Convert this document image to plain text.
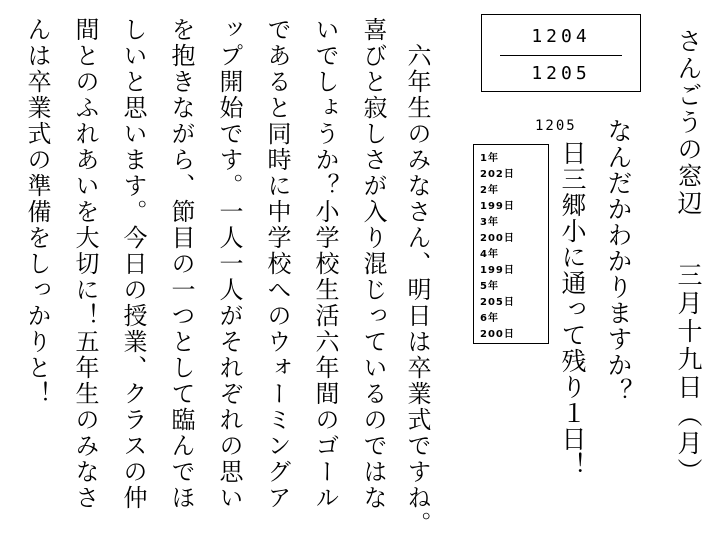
さんごうの窓辺
三月十九日（月）
1204
1205
1205 なんだかわかりますか？
日三郷小に通って残り１日！
1年
202日
2年
199日
3年
200日
4年
199日
5年
205日
6年
200日
六年生のみなさん、明日は卒業式ですね。
喜びと寂しさが入り混じっているのではな
いでしょうか？小学校生活六年間のゴール
であると同時に中学校へのウォーミングア
ップ開始です。一人一人がそれぞれの思い
を抱きながら、節目の一つとして臨んでほ
しいと思います。今日の授業、クラスの仲
間とのふれあいを大切に！五年生のみなさ
んは卒業式の準備をしっかりと！
